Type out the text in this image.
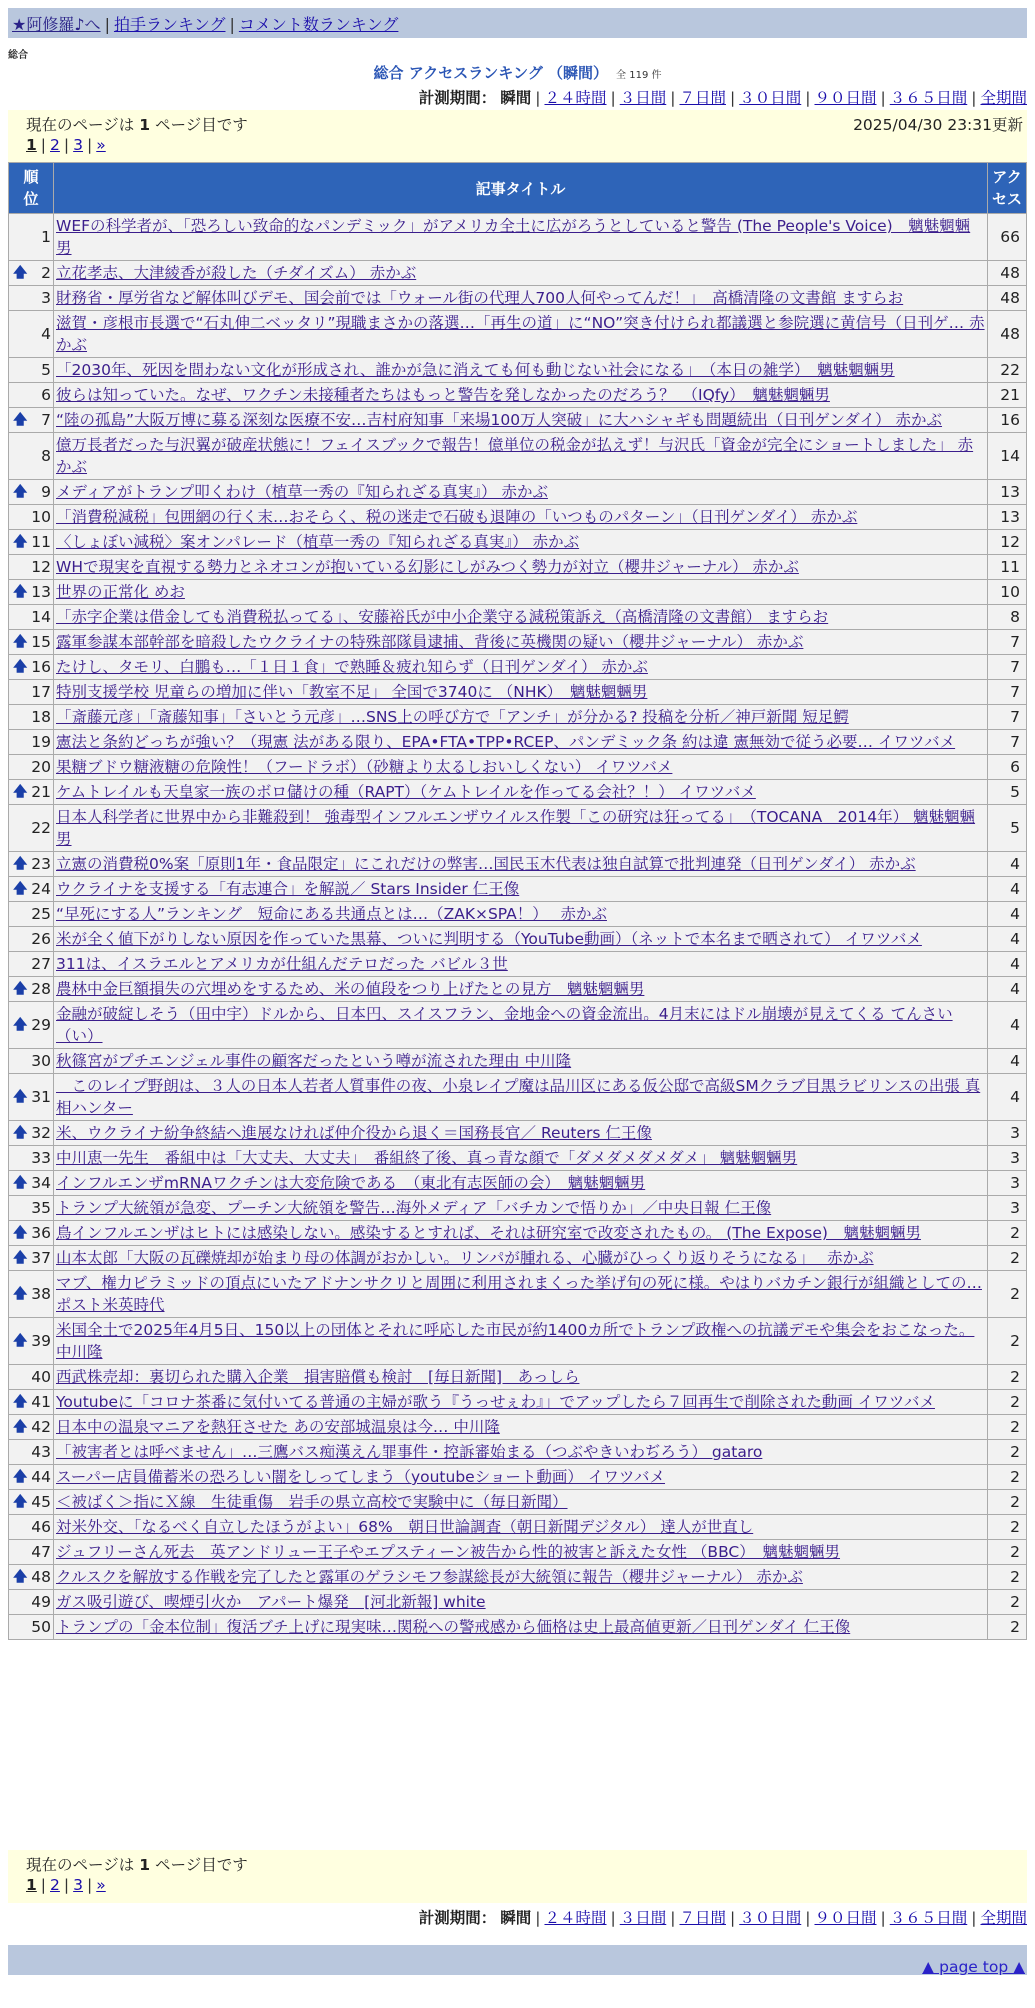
★阿修羅♪へ | 拍手ランキング | コメント数ランキング
総合
総合 アクセスランキング （瞬間） 全 119 件
計測期間： 瞬間 | ２４時間 | ３日間 | ７日間 | ３０日間 | ９０日間 | ３６５日間 | 全期間
現在のページは 1 ページ目です	2025/04/30 23:31更新
1 | 2 | 3 | »
順位	記事タイトル	アクセス
1	WEFの科学者が、「恐ろしい致命的なパンデミック」がアメリカ全土に広がろうとしていると警告 (The People's Voice)　魑魅魍魎男	66

🡅 2	立花孝志、大津綾香が殺した（チダイズム） 赤かぶ	48
3	財務省・厚労省など解体叫びデモ、国会前では「ウォール街の代理人700人何やってんだ！」　高橋清隆の文書館 ますらお	48
4	滋賀・彦根市長選で“石丸伸二ベッタリ”現職まさかの落選…「再生の道」に“NO”突き付けられ都議選と参院選に黄信号（日刊ゲ… 赤かぶ	48
5	「2030年、死因を問わない文化が形成され、誰かが急に消えても何も動じない社会になる」　（本日の雑学）　魑魅魍魎男	22
6	彼らは知っていた。なぜ、ワクチン未接種者たちはもっと警告を発しなかったのだろう？　（IQfy）　魑魅魍魎男	21

🡅 7	“陸の孤島”大阪万博に募る深刻な医療不安…吉村府知事「来場100万人突破」に大ハシャギも問題続出（日刊ゲンダイ） 赤かぶ	16
8	億万長者だった与沢翼が破産状態に！フェイスブックで報告！億単位の税金が払えず！与沢氏「資金が完全にショートしました」 赤かぶ	14

🡅 9	メディアがトランプ叩くわけ（植草一秀の『知られざる真実』） 赤かぶ	13
10	「消費税減税」包囲網の行く末…おそらく、税の迷走で石破も退陣の「いつものパターン」（日刊ゲンダイ） 赤かぶ	13

🡅 11	〈しょぼい減税〉案オンパレード（植草一秀の『知られざる真実』） 赤かぶ	12
12	WHで現実を直視する勢力とネオコンが抱いている幻影にしがみつく勢力が対立（櫻井ジャーナル） 赤かぶ	11

🡅 13	世界の正常化 めお	10
14	「赤字企業は借金しても消費税払ってる」、安藤裕氏が中小企業守る減税策訴え（高橋清隆の文書館） ますらお	8

🡅 15	露軍参謀本部幹部を暗殺したウクライナの特殊部隊員逮捕、背後に英機関の疑い（櫻井ジャーナル） 赤かぶ	7

🡅 16	たけし、タモリ、白鵬も…「１日１食」で熟睡＆疲れ知らず（日刊ゲンダイ） 赤かぶ	7
17	特別支援学校 児童らの増加に伴い「教室不足」 全国で3740に （NHK）　魑魅魍魎男	7
18	「斎藤元彦」「斎藤知事」「さいとう元彦」…SNS上の呼び方で「アンチ」が分かる? 投稿を分析／神戸新聞 短足鰐	7
19	憲法と条約どっちが強い？（現憲 法がある限り、EPA•FTA•TPP•RCEP、パンデミック条 約は違 憲無効で従う必要… イワツバメ	7
20	果糖ブドウ糖液糖の危険性！（フードラボ）（砂糖より太るしおいしくない） イワツバメ	6

🡅 21	ケムトレイルも天皇家一族のボロ儲けの種（RAPT）（ケムトレイルを作ってる会社？！） イワツバメ	5
22	日本人科学者に世界中から非難殺到！ 強毒型インフルエンザウイルス作製「この研究は狂ってる」　（TOCANA　2014年） 魑魅魍魎男	5

🡅 23	立憲の消費税0%案「原則1年・食品限定」にこれだけの弊害…国民玉木代表は独自試算で批判連発（日刊ゲンダイ） 赤かぶ	4

🡅 24	ウクライナを支援する「有志連合」を解説／ Stars Insider 仁王像	4
25	“早死にする人”ランキング　短命にある共通点とは…（ZAK×SPA！）　 赤かぶ	4
26	米が全く値下がりしない原因を作っていた黒幕、ついに判明する（YouTube動画）（ネットで本名まで晒されて） イワツバメ	4
27	311は、イスラエルとアメリカが仕組んだテロだった バビル３世	4

🡅 28	農林中金巨額損失の穴埋めをするため、米の値段をつり上げたとの見方　魑魅魍魎男	4

🡅 29	金融が破綻しそう（田中宇）ドルから、日本円、スイスフラン、金地金への資金流出。4月末にはドル崩壊が見えてくる てんさい（い）	4
30	秋篠宮がプチエンジェル事件の顧客だったという噂が流された理由 中川隆	4

🡅 31	　このレイプ野朗は、３人の日本人若者人質事件の夜、小泉レイプ魔は品川区にある仮公邸で高級SMクラブ目黒ラビリンスの出張 真相ハンター	4

🡅 32	米、ウクライナ紛争終結へ進展なければ仲介役から退く＝国務長官／ Reuters 仁王像	3
33	中川恵一先生　番組中は「大丈夫、大丈夫」　番組終了後、真っ青な顔で「ダメダメダメダメ」 魑魅魍魎男	3

🡅 34	インフルエンザmRNAワクチンは大変危険である　（東北有志医師の会）　魑魅魍魎男	3
35	トランプ大統領が急変、プーチン大統領を警告…海外メディア「バチカンで悟りか」／中央日報 仁王像	3

🡅 36	鳥インフルエンザはヒトには感染しない。感染するとすれば、それは研究室で改変されたもの。 (The Expose)　魑魅魍魎男	2

🡅 37	山本太郎「大阪の瓦礫焼却が始まり母の体調がおかしい。リンパが腫れる、心臓がひっくり返りそうになる」　 赤かぶ	2

🡅 38	マブ、権力ピラミッドの頂点にいたアドナンサクリと周囲に利用されまくった挙げ句の死に様。やはりバカチン銀行が組織としての… ポスト米英時代	2

🡅 39	米国全土で2025年4月5日、150以上の団体とそれに呼応した市民が約1400カ所でトランプ政権への抗議デモや集会をおこなった。 中川隆	2
40	西武株売却：裏切られた購入企業　損害賠償も検討　[毎日新聞]　あっしら	2

🡅 41	Youtubeに「コロナ茶番に気付いてる普通の主婦が歌う『うっせぇわ』」でアップしたら７回再生で削除された動画 イワツバメ	2

🡅 42	日本中の温泉マニアを熱狂させた あの安部城温泉は今… 中川隆	2
43	「被害者とは呼べません」…三鷹バス痴漢えん罪事件・控訴審始まる（つぶやきいわぢろう） gataro	2

🡅 44	スーパー店員備蓄米の恐ろしい闇をしってしまう（youtubeショート動画） イワツバメ	2

🡅 45	＜被ばく＞指にＸ線　生徒重傷　岩手の県立高校で実験中に（毎日新聞）	2
46	対米外交、「なるべく自立したほうがよい」68%　朝日世論調査（朝日新聞デジタル） 達人が世直し	2
47	ジュフリーさん死去　英アンドリュー王子やエプスティーン被告から性的被害と訴えた女性 （BBC）　魑魅魍魎男	2

🡅 48	クルスクを解放する作戦を完了したと露軍のゲラシモフ参謀総長が大統領に報告（櫻井ジャーナル） 赤かぶ	2
49	ガス吸引遊び、喫煙引火か　アパート爆発　[河北新報] white	2
50	トランプの「金本位制」復活ブチ上げに現実味…関税への警戒感から価格は史上最高値更新／日刊ゲンダイ 仁王像	2
現在のページは 1 ページ目です
1 | 2 | 3 | »
計測期間： 瞬間 | ２４時間 | ３日間 | ７日間 | ３０日間 | ９０日間 | ３６５日間 | 全期間
▲ page top ▲
